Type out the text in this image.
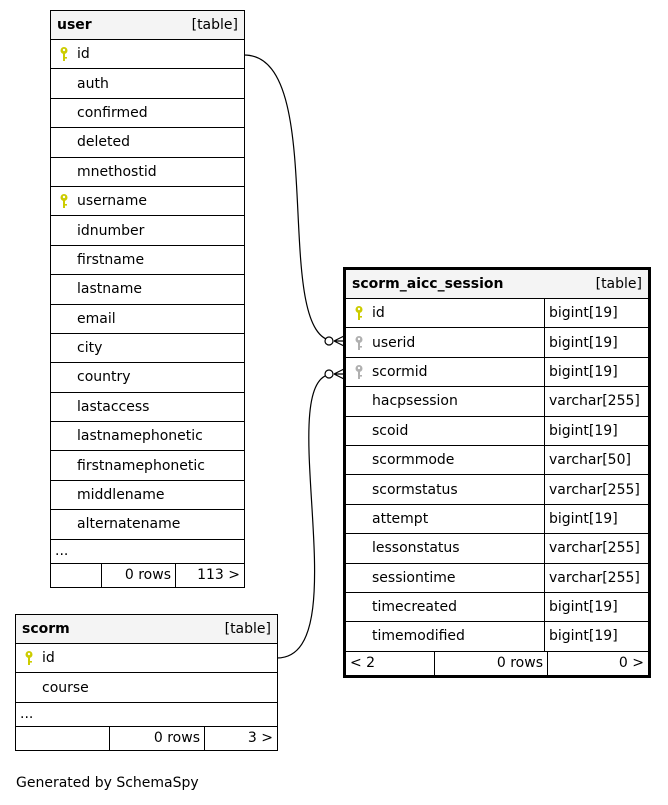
user	[table]
id
auth
confirmed
deleted
mnethostid
username
idnumber
firstname
lastname
email
city
country
lastaccess
lastnamephonetic
firstnamephonetic
middlename
alternatename
...
0 rows	113 >
scorm_aicc_session	[table]
id	bigint[19]
userid	bigint[19]
scormid	bigint[19]
hacpsession	varchar[255]
scoid	bigint[19]
scormmode	varchar[50]
scormstatus	varchar[255]
attempt	bigint[19]
lessonstatus	varchar[255]
sessiontime	varchar[255]
timecreated	bigint[19]
timemodified	bigint[19]
< 2	0 rows	0 >
scorm	[table]
id
course
...
0 rows	3 >
Generated by SchemaSpy
